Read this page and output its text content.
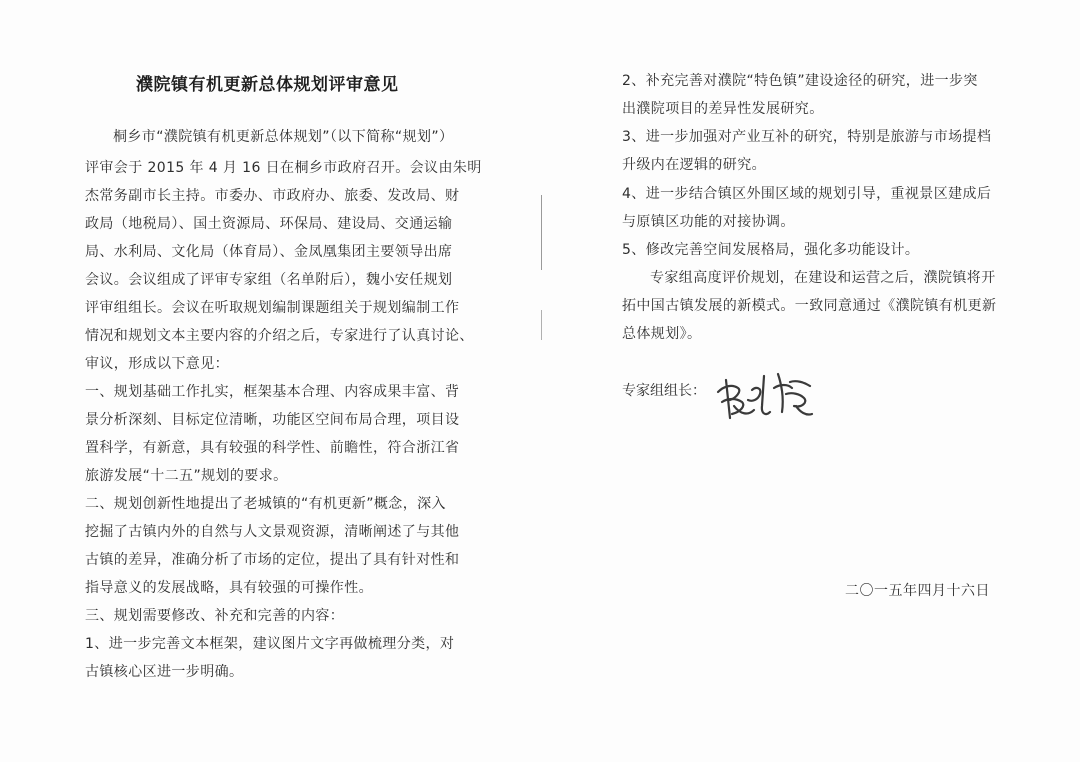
濮院镇有机更新总体规划评审意见
桐乡市“濮院镇有机更新总体规划”（以下简称“规划”）
评审会于 2015 年 4 月 16 日在桐乡市政府召开。会议由朱明
杰常务副市长主持。市委办、市政府办、旅委、发改局、财
政局（地税局）、国土资源局、环保局、建设局、交通运输
局、水利局、文化局（体育局）、金凤凰集团主要领导出席
会议。会议组成了评审专家组（名单附后），魏小安任规划
评审组组长。会议在听取规划编制课题组关于规划编制工作
情况和规划文本主要内容的介绍之后，专家进行了认真讨论、
审议，形成以下意见：
一、规划基础工作扎实，框架基本合理、内容成果丰富、背
景分析深刻、目标定位清晰，功能区空间布局合理，项目设
置科学，有新意，具有较强的科学性、前瞻性，符合浙江省
旅游发展“十二五”规划的要求。
二、规划创新性地提出了老城镇的“有机更新”概念，深入
挖掘了古镇内外的自然与人文景观资源，清晰阐述了与其他
古镇的差异，准确分析了市场的定位，提出了具有针对性和
指导意义的发展战略，具有较强的可操作性。
三、规划需要修改、补充和完善的内容：
1、进一步完善文本框架，建议图片文字再做梳理分类，对
古镇核心区进一步明确。
2、补充完善对濮院“特色镇”建设途径的研究，进一步突
出濮院项目的差异性发展研究。
3、进一步加强对产业互补的研究，特别是旅游与市场提档
升级内在逻辑的研究。
4、进一步结合镇区外围区域的规划引导，重视景区建成后
与原镇区功能的对接协调。
5、修改完善空间发展格局，强化多功能设计。
专家组高度评价规划，在建设和运营之后，濮院镇将开
拓中国古镇发展的新模式。一致同意通过《濮院镇有机更新
总体规划》。
专家组组长：
二〇一五年四月十六日
